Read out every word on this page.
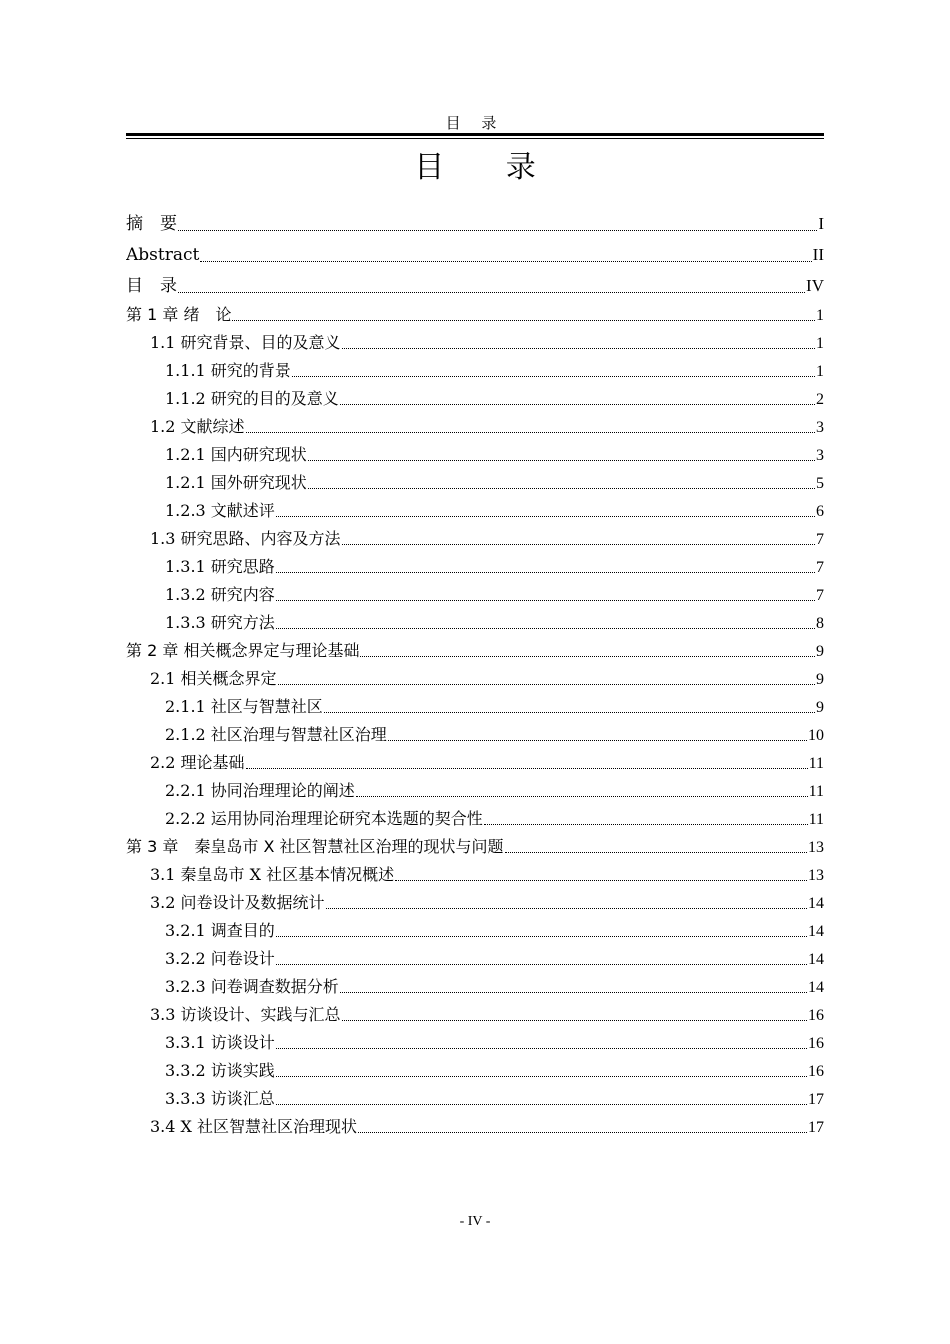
目 录
目 录
摘　要	I
Abstract	II
目　录	IV
第 1 章 绪　论	1
1.1 研究背景、目的及意义	1
1.1.1 研究的背景	1
1.1.2 研究的目的及意义	2
1.2 文献综述	3
1.2.1 国内研究现状	3
1.2.1 国外研究现状	5
1.2.3 文献述评	6
1.3 研究思路、内容及方法	7
1.3.1 研究思路	7
1.3.2 研究内容	7
1.3.3 研究方法	8
第 2 章 相关概念界定与理论基础	9
2.1 相关概念界定	9
2.1.1 社区与智慧社区	9
2.1.2 社区治理与智慧社区治理	10
2.2 理论基础	11
2.2.1 协同治理理论的阐述	11
2.2.2 运用协同治理理论研究本选题的契合性	11
第 3 章　秦皇岛市 X 社区智慧社区治理的现状与问题	13
3.1 秦皇岛市 X 社区基本情况概述	13
3.2 问卷设计及数据统计	14
3.2.1 调查目的	14
3.2.2 问卷设计	14
3.2.3 问卷调查数据分析	14
3.3 访谈设计、实践与汇总	16
3.3.1 访谈设计	16
3.3.2 访谈实践	16
3.3.3 访谈汇总	17
3.4 X 社区智慧社区治理现状	17
- IV -
